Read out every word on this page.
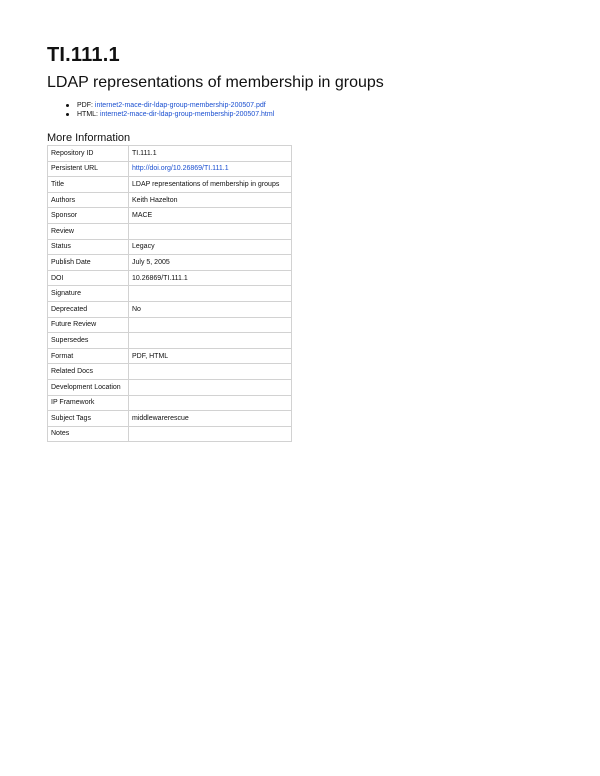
TI.111.1
LDAP representations of membership in groups
PDF: internet2-mace-dir-ldap-group-membership-200507.pdf
HTML: internet2-mace-dir-ldap-group-membership-200507.html
More Information
Repository ID	TI.111.1
Persistent URL	http://doi.org/10.26869/TI.111.1
Title	LDAP representations of membership in groups
Authors	Keith Hazelton
Sponsor	MACE
Review	
Status	Legacy
Publish Date	July 5, 2005
DOI	10.26869/TI.111.1
Signature	
Deprecated	No
Future Review	
Supersedes	
Format	PDF, HTML
Related Docs	
Development Location	
IP Framework	
Subject Tags	middlewarerescue
Notes	
